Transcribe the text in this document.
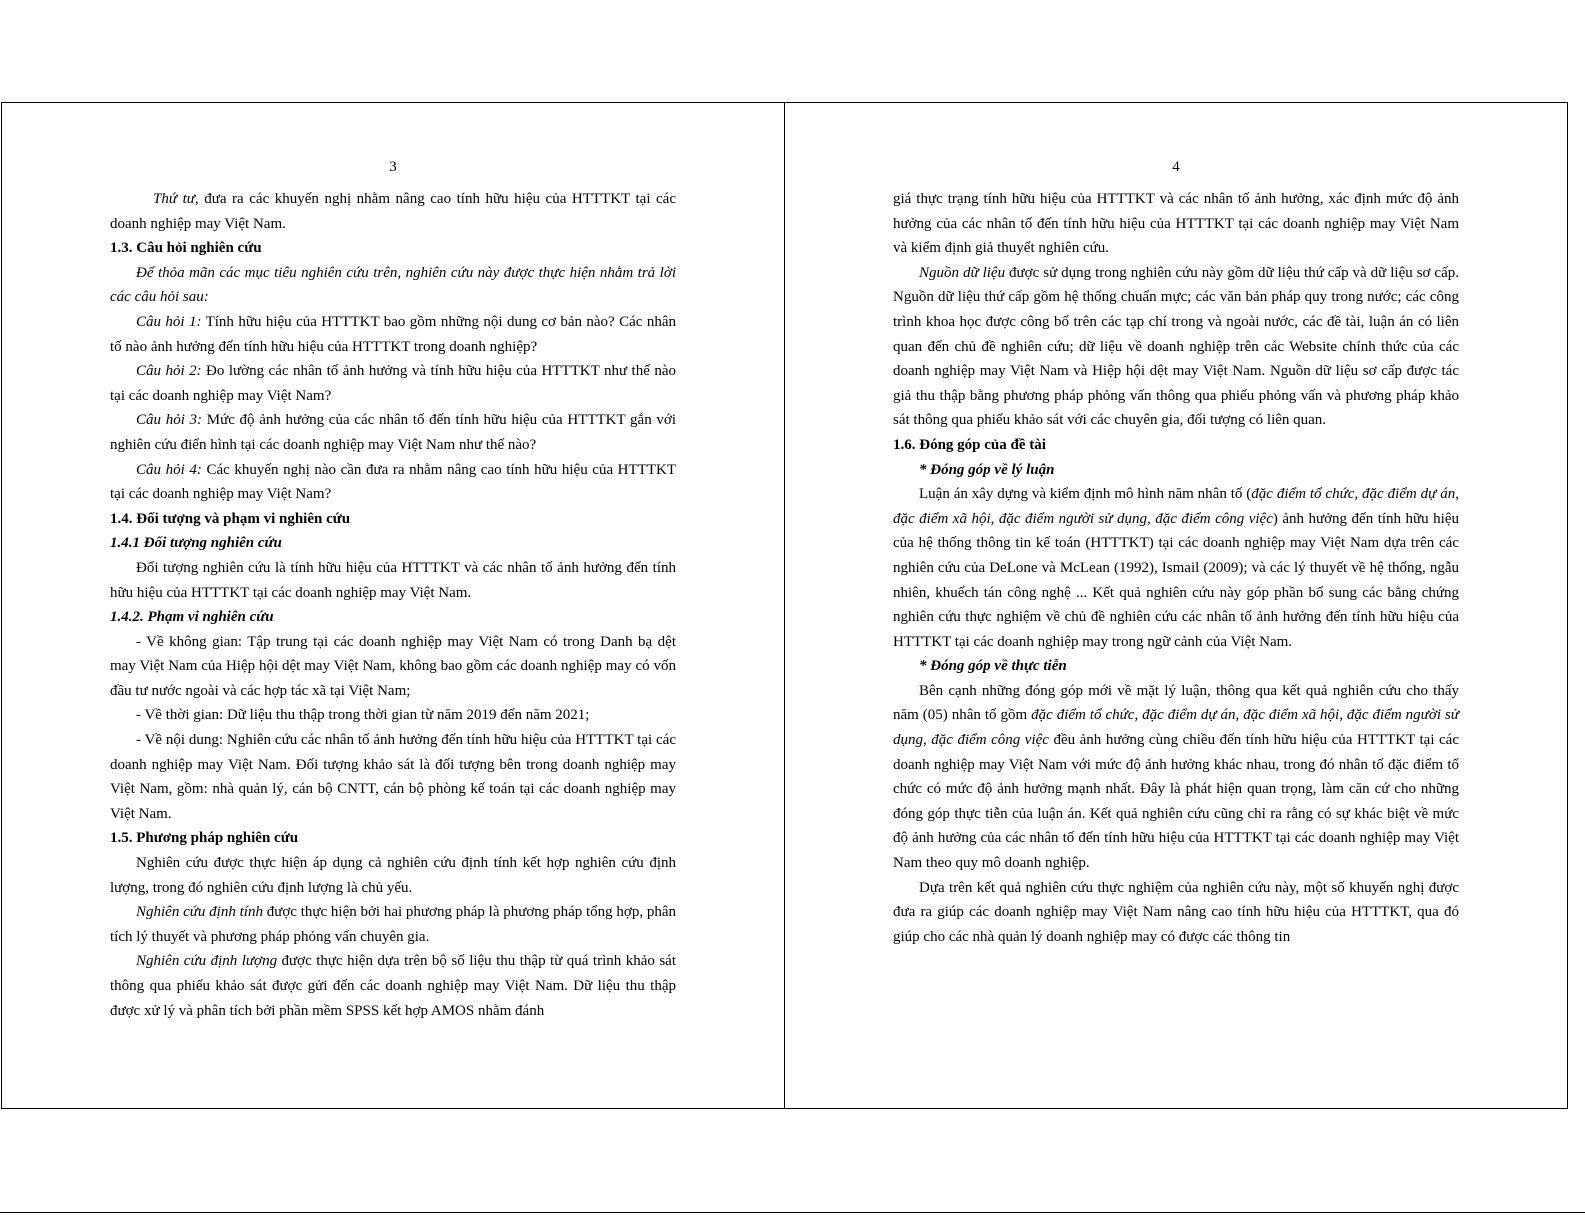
3

Thứ tư, đưa ra các khuyến nghị nhằm nâng cao tính hữu hiệu của HTTTKT tại các doanh nghiệp may Việt Nam.

1.3. Câu hỏi nghiên cứu

Để thỏa mãn các mục tiêu nghiên cứu trên, nghiên cứu này được thực hiện nhằm trả lời các câu hỏi sau:

Câu hỏi 1: Tính hữu hiệu của HTTTKT bao gồm những nội dung cơ bản nào? Các nhân tố nào ảnh hưởng đến tính hữu hiệu của HTTTKT trong doanh nghiệp?

Câu hỏi 2: Đo lường các nhân tố ảnh hưởng và tính hữu hiệu của HTTTKT như thế nào tại các doanh nghiệp may Việt Nam?

Câu hỏi 3: Mức độ ảnh hưởng của các nhân tố đến tính hữu hiệu của HTTTKT gắn với nghiên cứu điển hình tại các doanh nghiệp may Việt Nam như thế nào?

Câu hỏi 4: Các khuyến nghị nào cần đưa ra nhằm nâng cao tính hữu hiệu của HTTTKT tại các doanh nghiệp may Việt Nam?

1.4. Đối tượng và phạm vi nghiên cứu

1.4.1 Đối tượng nghiên cứu

Đối tượng nghiên cứu là tính hữu hiệu của HTTTKT và các nhân tố ảnh hưởng đến tính hữu hiệu của HTTTKT tại các doanh nghiệp may Việt Nam.

1.4.2. Phạm vi nghiên cứu

- Về không gian: Tập trung tại các doanh nghiệp may Việt Nam có trong Danh bạ dệt may Việt Nam của Hiệp hội dệt may Việt Nam, không bao gồm các doanh nghiệp may có vốn đầu tư nước ngoài và các hợp tác xã tại Việt Nam;

- Về thời gian: Dữ liệu thu thập trong thời gian từ năm 2019 đến năm 2021;

- Về nội dung: Nghiên cứu các nhân tố ảnh hưởng đến tính hữu hiệu của HTTTKT tại các doanh nghiệp may Việt Nam. Đối tượng khảo sát là đối tượng bên trong doanh nghiệp may Việt Nam, gồm: nhà quản lý, cán bộ CNTT, cán bộ phòng kế toán tại các doanh nghiệp may Việt Nam.

1.5. Phương pháp nghiên cứu

Nghiên cứu được thực hiện áp dụng cả nghiên cứu định tính kết hợp nghiên cứu định lượng, trong đó nghiên cứu định lượng là chủ yếu.

Nghiên cứu định tính được thực hiện bởi hai phương pháp là phương pháp tổng hợp, phân tích lý thuyết và phương pháp phỏng vấn chuyên gia.

Nghiên cứu định lượng được thực hiện dựa trên bộ số liệu thu thập từ quá trình khảo sát thông qua phiếu khảo sát được gửi đến các doanh nghiệp may Việt Nam. Dữ liệu thu thập được xử lý và phân tích bởi phần mềm SPSS kết hợp AMOS nhằm đánh

4

giá thực trạng tính hữu hiệu của HTTTKT và các nhân tố ảnh hưởng, xác định mức độ ảnh hưởng của các nhân tố đến tính hữu hiệu của HTTTKT tại các doanh nghiệp may Việt Nam và kiểm định giả thuyết nghiên cứu.

Nguồn dữ liệu được sử dụng trong nghiên cứu này gồm dữ liệu thứ cấp và dữ liệu sơ cấp. Nguồn dữ liệu thứ cấp gồm hệ thống chuẩn mực; các văn bản pháp quy trong nước; các công trình khoa học được công bố trên các tạp chí trong và ngoài nước, các đề tài, luận án có liên quan đến chủ đề nghiên cứu; dữ liệu về doanh nghiệp trên các Website chính thức của các doanh nghiệp may Việt Nam và Hiệp hội dệt may Việt Nam. Nguồn dữ liệu sơ cấp được tác giả thu thập bằng phương pháp phỏng vấn thông qua phiếu phỏng vấn và phương pháp khảo sát thông qua phiếu khảo sát với các chuyên gia, đối tượng có liên quan.

1.6. Đóng góp của đề tài

* Đóng góp về lý luận

Luận án xây dựng và kiểm định mô hình năm nhân tố (đặc điểm tổ chức, đặc điểm dự án, đặc điểm xã hội, đặc điểm người sử dụng, đặc điểm công việc) ảnh hưởng đến tính hữu hiệu của hệ thống thông tin kế toán (HTTTKT) tại các doanh nghiệp may Việt Nam dựa trên các nghiên cứu của DeLone và McLean (1992), Ismail (2009); và các lý thuyết về hệ thống, ngẫu nhiên, khuếch tán công nghệ ... Kết quả nghiên cứu này góp phần bổ sung các bằng chứng nghiên cứu thực nghiệm về chủ đề nghiên cứu các nhân tố ảnh hưởng đến tính hữu hiệu của HTTTKT tại các doanh nghiệp may trong ngữ cảnh của Việt Nam.

* Đóng góp về thực tiễn

Bên cạnh những đóng góp mới về mặt lý luận, thông qua kết quả nghiên cứu cho thấy năm (05) nhân tố gồm đặc điểm tổ chức, đặc điểm dự án, đặc điểm xã hội, đặc điểm người sử dụng, đặc điểm công việc đều ảnh hưởng cùng chiều đến tính hữu hiệu của HTTTKT tại các doanh nghiệp may Việt Nam với mức độ ảnh hưởng khác nhau, trong đó nhân tố đặc điểm tổ chức có mức độ ảnh hưởng mạnh nhất. Đây là phát hiện quan trọng, làm căn cứ cho những đóng góp thực tiễn của luận án. Kết quả nghiên cứu cũng chỉ ra rằng có sự khác biệt về mức độ ảnh hưởng của các nhân tố đến tính hữu hiệu của HTTTKT tại các doanh nghiệp may Việt Nam theo quy mô doanh nghiệp.

Dựa trên kết quả nghiên cứu thực nghiệm của nghiên cứu này, một số khuyến nghị được đưa ra giúp các doanh nghiệp may Việt Nam nâng cao tính hữu hiệu của HTTTKT, qua đó giúp cho các nhà quản lý doanh nghiệp may có được các thông tin
